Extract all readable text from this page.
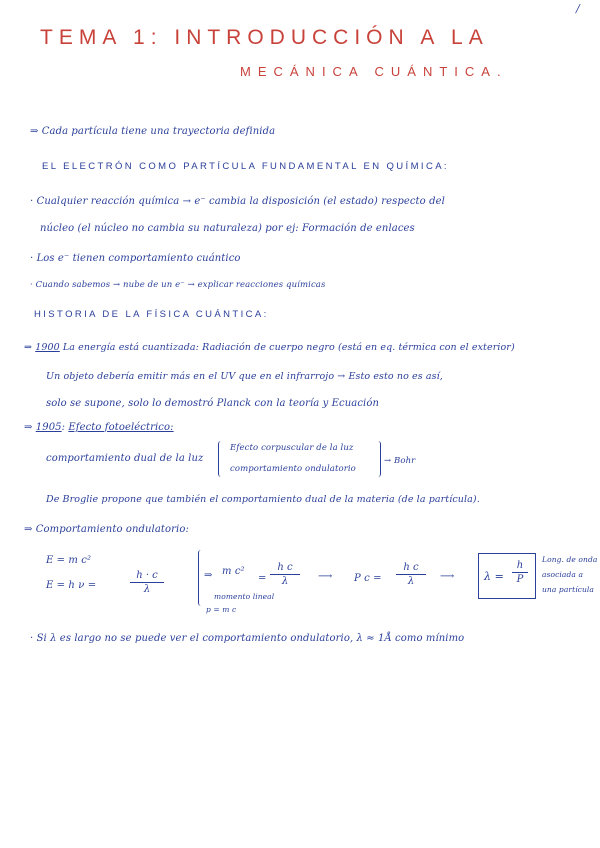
/
TEMA 1: INTRODUCCIÓN A LA
MECÁNICA CUÁNTICA.
⇒ Cada partícula tiene una trayectoria definida
EL ELECTRÓN COMO PARTÍCULA FUNDAMENTAL EN QUÍMICA:
· Cualquier reacción química → e⁻ cambia la disposición (el estado) respecto del
núcleo (el núcleo no cambia su naturaleza) por ej: Formación de enlaces
· Los e⁻ tienen comportamiento cuántico
· Cuando sabemos → nube de un e⁻ → explicar reacciones químicas
HISTORIA DE LA FÍSICA CUÁNTICA:
⇒ 1900 La energía está cuantizada: Radiación de cuerpo negro (está en eq. térmica con el exterior)
Un objeto debería emitir más en el UV que en el infrarrojo → Esto esto no es así,
solo se supone, solo lo demostró Planck con la teoría y Ecuación
⇒ 1905: Efecto fotoeléctrico:
comportamiento dual de la luz
Efecto corpuscular de la luz
comportamiento ondulatorio
→ Bohr
De Broglie propone que también el comportamiento dual de la materia (de la partícula).
⇒ Comportamiento ondulatorio:
E = m c²
E = h ν =
h · c
λ
⇒ m c²
=
h c
λ
momento lineal
p = m c
⟶ P c =
h c
λ	⟶	λ =
h
P
Long. de onda
asociada a
una partícula
· Si λ es largo no se puede ver el comportamiento ondulatorio, λ ≈ 1Å como mínimo
